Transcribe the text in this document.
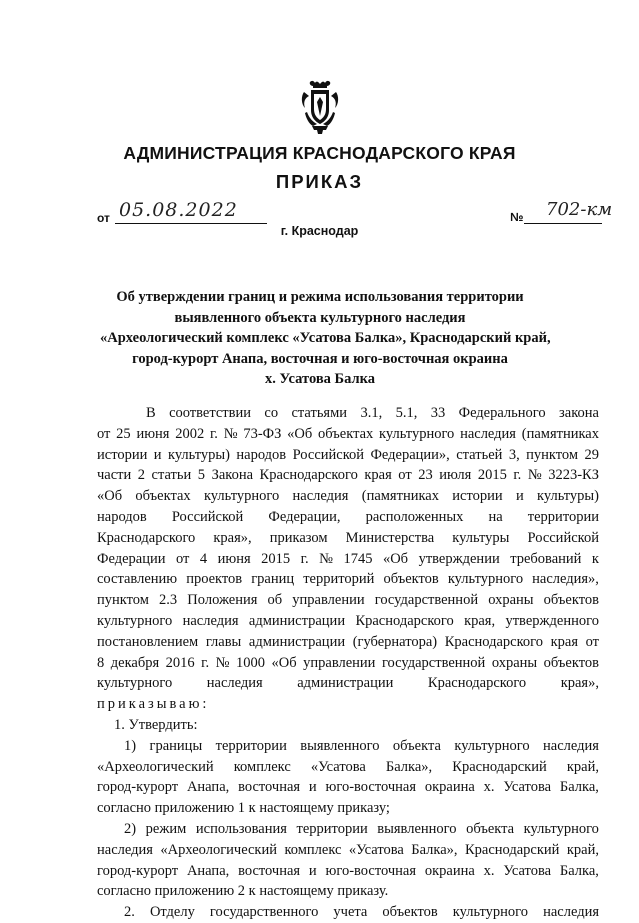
АДМИНИСТРАЦИЯ КРАСНОДАРСКОГО КРАЯ
ПРИКАЗ
от 05.08.2022	№ 702-км
г. Краснодар
Об утверждении границ и режима использования территории
выявленного объекта культурного наследия
«Археологический комплекс «Усатова Балка», Краснодарский край,
город-курорт Анапа, восточная и юго-восточная окраина
х. Усатова Балка
В соответствии со статьями 3.1, 5.1, 33 Федерального закона
от 25 июня 2002 г. № 73-ФЗ «Об объектах культурного наследия (памятниках
истории и культуры) народов Российской Федерации», статьей 3, пунктом 29
части 2 статьи 5 Закона Краснодарского края от 23 июля 2015 г. № 3223-КЗ
«Об объектах культурного наследия (памятниках истории и культуры)
народов Российской Федерации, расположенных на территории
Краснодарского края», приказом Министерства культуры Российской
Федерации от 4 июня 2015 г. № 1745 «Об утверждении требований к
составлению проектов границ территорий объектов культурного наследия»,
пунктом 2.3 Положения об управлении государственной охраны объектов
культурного наследия администрации Краснодарского края, утвержденного
постановлением главы администрации (губернатора) Краснодарского края от
8 декабря 2016 г. № 1000 «Об управлении государственной охраны объектов
культурного наследия администрации Краснодарского края»,
приказываю:
1. Утвердить:
1) границы территории выявленного объекта культурного наследия
«Археологический комплекс «Усатова Балка», Краснодарский край,
город-курорт Анапа, восточная и юго-восточная окраина х. Усатова Балка,
согласно приложению 1 к настоящему приказу;
2) режим использования территории выявленного объекта культурного
наследия «Археологический комплекс «Усатова Балка», Краснодарский край,
город-курорт Анапа, восточная и юго-восточная окраина х. Усатова Балка,
согласно приложению 2 к настоящему приказу.
2. Отделу государственного учета объектов культурного наследия
